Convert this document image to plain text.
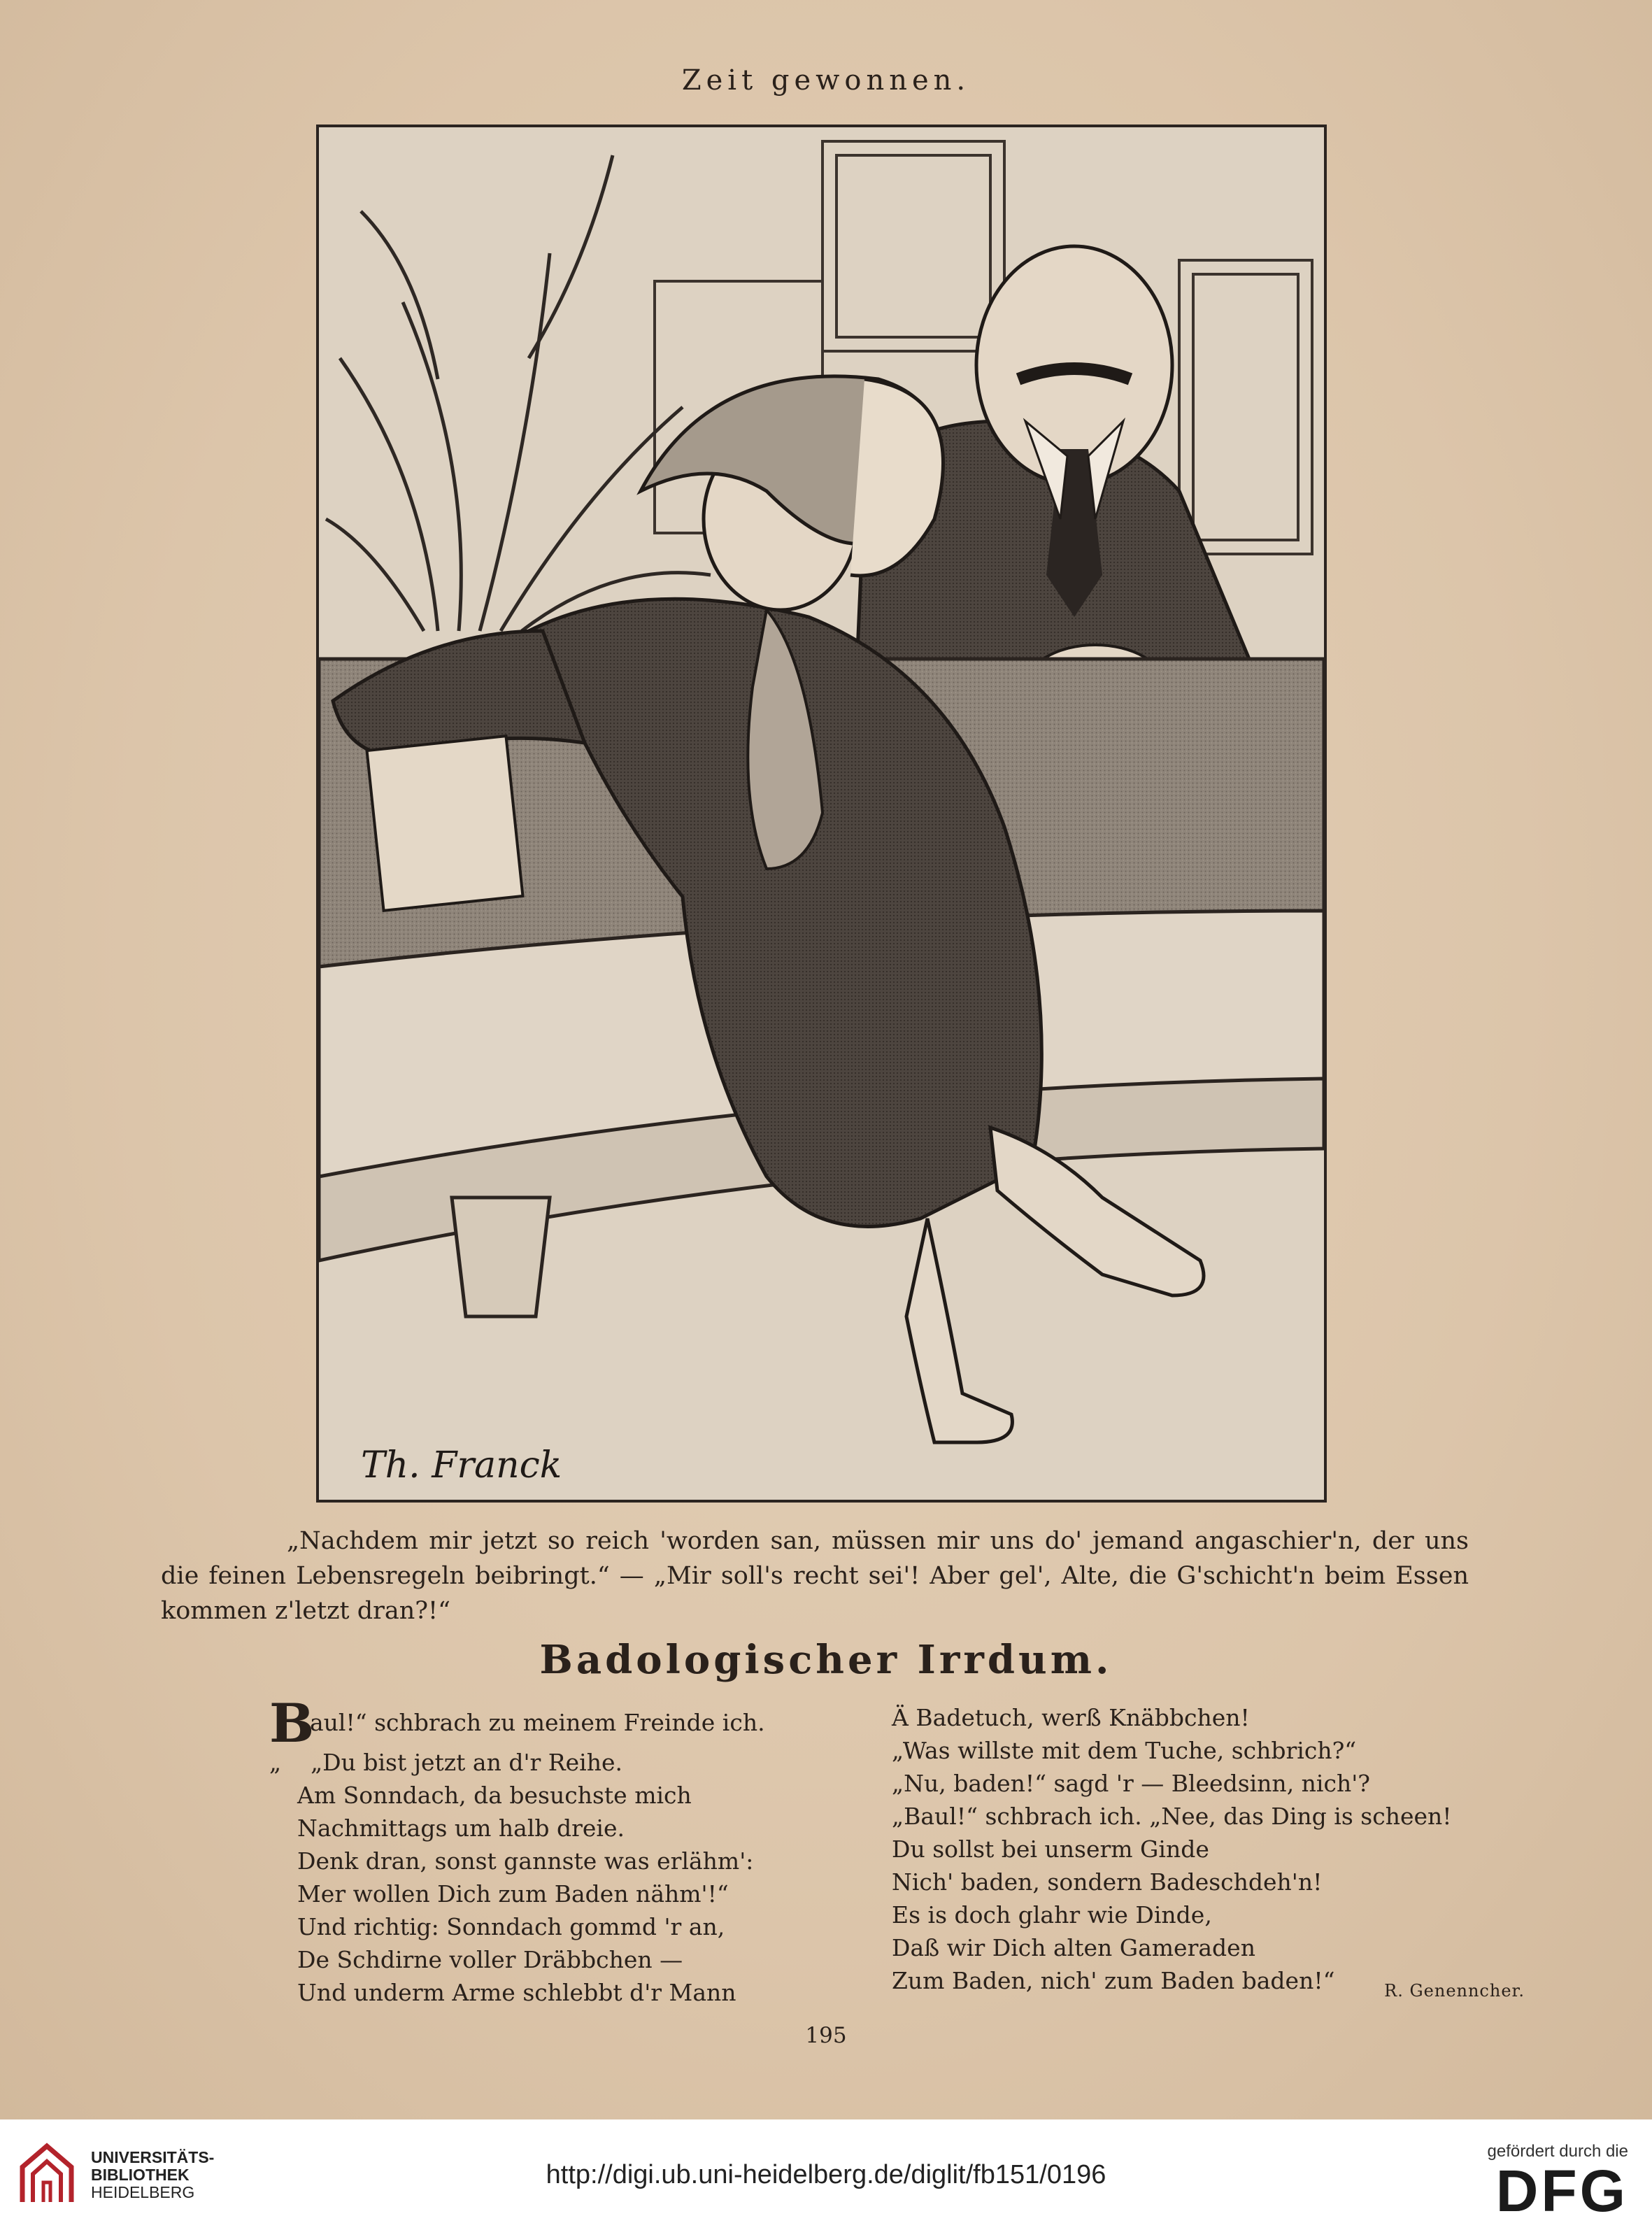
Zeit gewonnen.
Th. Franck
„Nachdem mir jetzt so reich 'worden san, müssen mir uns do' jemand angaschier'n, der uns die feinen Lebensregeln beibringt.“ — „Mir soll's recht sei'! Aber gel', Alte, die G'schicht'n beim Essen kommen z'letzt dran?!“
Badologischer Irrdum.
Baul!“ schbrach zu meinem Freinde ich.
„ „Du bist jetzt an d'r Reihe.
Am Sonndach, da besuchste mich
Nachmittags um halb dreie.
Denk dran, sonst gannste was erlähm':
Mer wollen Dich zum Baden nähm'!“
Und richtig: Sonndach gommd 'r an,
De Schdirne voller Dräbbchen —
Und underm Arme schlebbt d'r Mann
Ä Badetuch, werß Knäbbchen!
„Was willste mit dem Tuche, schbrich?“
„Nu, baden!“ sagd 'r — Bleedsinn, nich'?
„Baul!“ schbrach ich. „Nee, das Ding is scheen!
Du sollst bei unserm Ginde
Nich' baden, sondern Badeschdeh'n!
Es is doch glahr wie Dinde,
Daß wir Dich alten Gameraden
Zum Baden, nich' zum Baden baden!“	R. Genenncher.
195
UNIVERSITÄTS-
BIBLIOTHEK
HEIDELBERG
http://digi.ub.uni-heidelberg.de/diglit/fb151/0196
gefördert durch die
DFG
